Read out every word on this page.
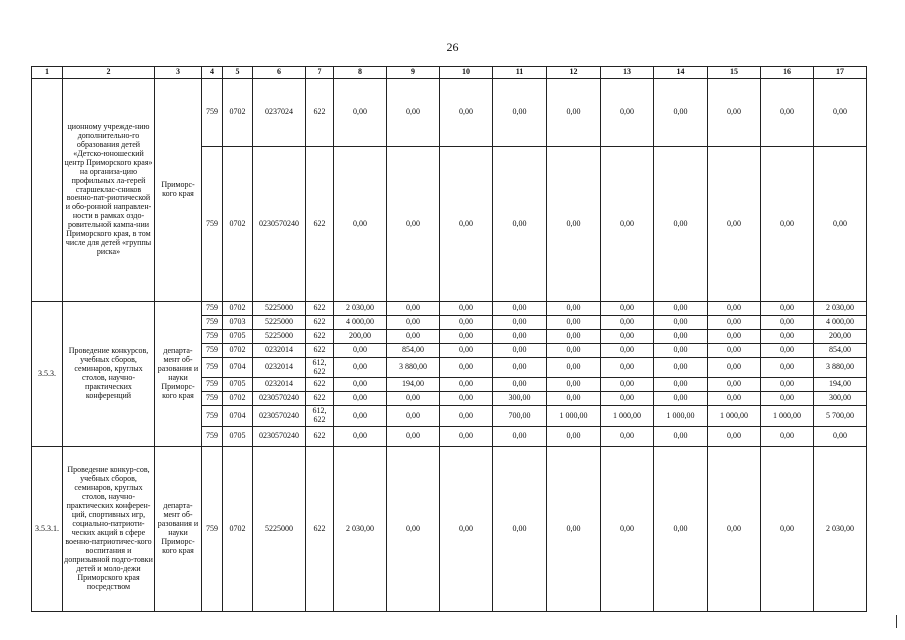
26
1	2	3	4	5	6	7	8	9	10	11	12	13	14	15	16	17
	ционному учрежде-нию дополнительно-го образования детей «Детско-юношеский центр Приморского края» на организа-цию профильных ла-герей старшеклас-сников военно-пат-риотической и обо-ронной направлен-ности в рамках оздо-ровительной кампа-нии Приморского края, в том числе для детей «группы риска»	Приморс-кого края	759	0702	0237024	622	0,00	0,00	0,00	0,00	0,00	0,00	0,00	0,00	0,00	0,00
			759	0702	0230570240	622	0,00	0,00	0,00	0,00	0,00	0,00	0,00	0,00	0,00	0,00
3.5.3.	Проведение конкурсов, учебных сборов, семинаров, круглых столов, научно-практических конференций	департа-мент об-разования и науки Приморс-кого края	759	0702	5225000	622	2 030,00	0,00	0,00	0,00	0,00	0,00	0,00	0,00	0,00	2 030,00
			759	0703	5225000	622	4 000,00	0,00	0,00	0,00	0,00	0,00	0,00	0,00	0,00	4 000,00
			759	0705	5225000	622	200,00	0,00	0,00	0,00	0,00	0,00	0,00	0,00	0,00	200,00
			759	0702	0232014	622	0,00	854,00	0,00	0,00	0,00	0,00	0,00	0,00	0,00	854,00
			759	0704	0232014	612, 622	0,00	3 880,00	0,00	0,00	0,00	0,00	0,00	0,00	0,00	3 880,00
			759	0705	0232014	622	0,00	194,00	0,00	0,00	0,00	0,00	0,00	0,00	0,00	194,00
			759	0702	0230570240	622	0,00	0,00	0,00	300,00	0,00	0,00	0,00	0,00	0,00	300,00
			759	0704	0230570240	612, 622	0,00	0,00	0,00	700,00	1 000,00	1 000,00	1 000,00	1 000,00	1 000,00	5 700,00
			759	0705	0230570240	622	0,00	0,00	0,00	0,00	0,00	0,00	0,00	0,00	0,00	0,00
3.5.3.1.	Проведение конкур-сов, учебных сборов, семинаров, круглых столов, научно-практических конферен-ций, спортивных игр, социально-патриоти-ческих акций в сфере военно-патриотичес-кого воспитания и допризывной подго-товки детей и моло-дежи Приморского края посредством	департа-мент об-разования и науки Приморс-кого края	759	0702	5225000	622	2 030,00	0,00	0,00	0,00	0,00	0,00	0,00	0,00	0,00	2 030,00
